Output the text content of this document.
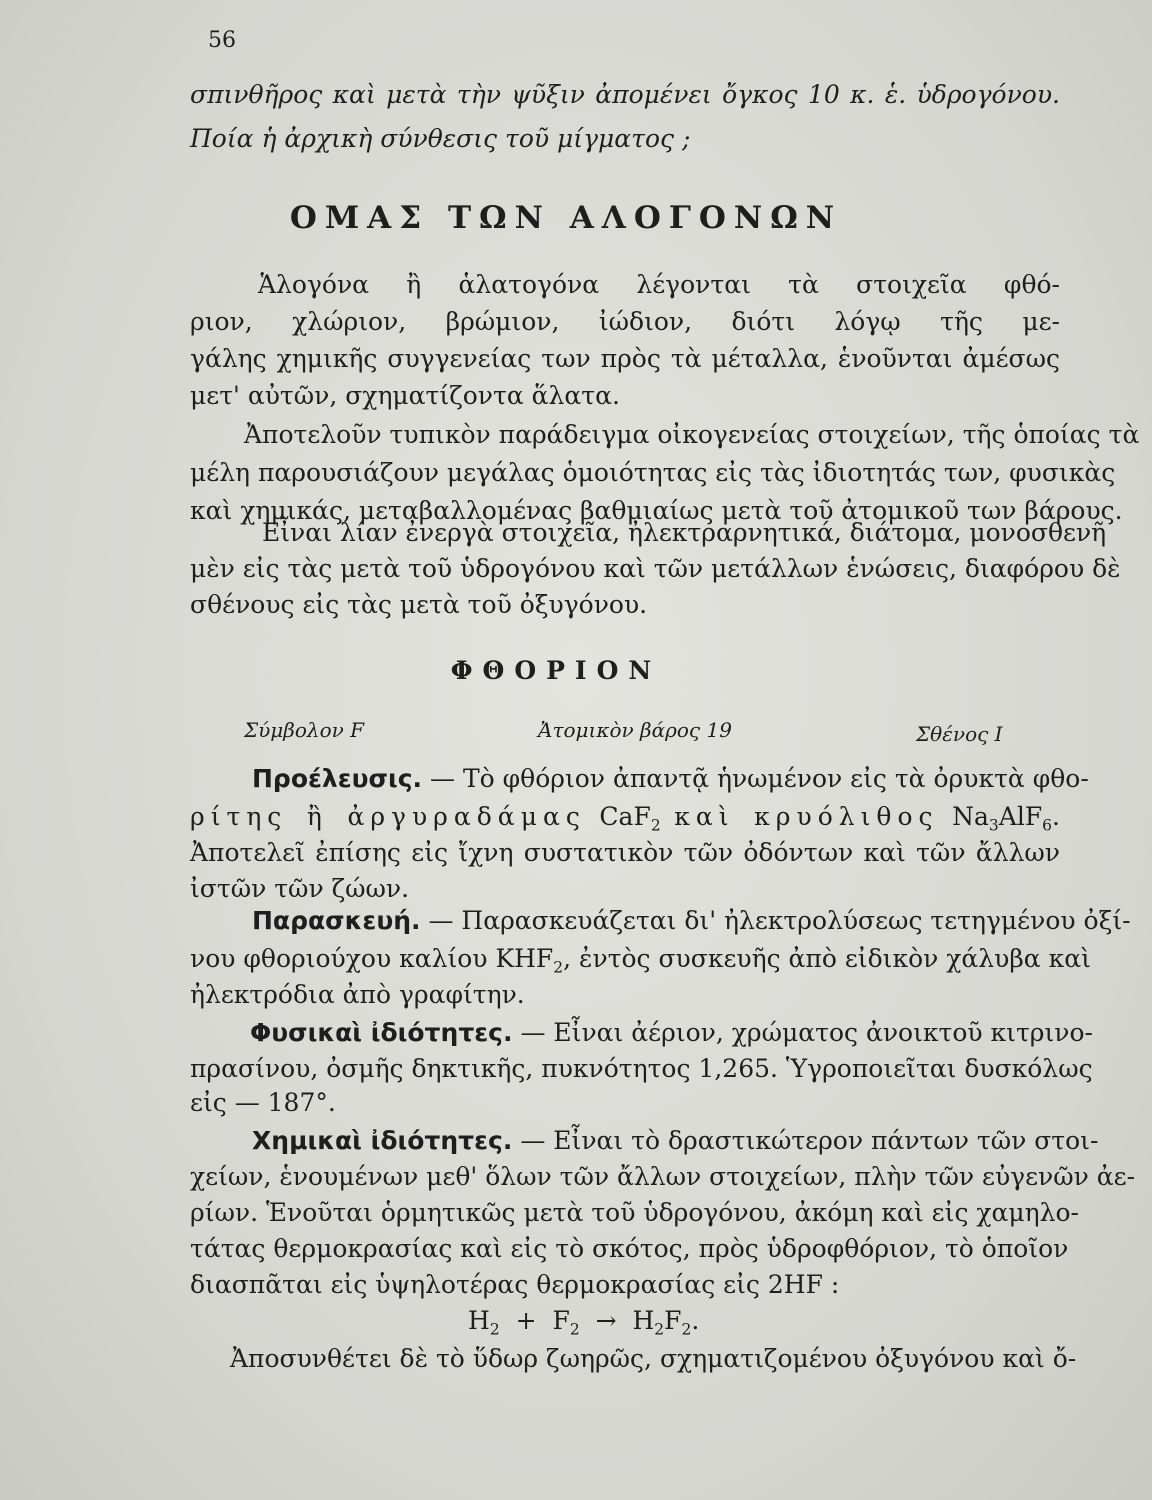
56
σπινθῆρος καὶ μετὰ τὴν ψῦξιν ἀπομένει ὄγκος 10 κ. ἑ. ὑδρογόνου.
Ποία ἡ ἀρχικὴ σύνθεσις τοῦ μίγματος ;
ΟΜΑΣ ΤΩΝ ΑΛΟΓΟΝΩΝ
Ἁλογόνα ἢ ἁλατογόνα λέγονται τὰ στοιχεῖα φθό-
ριον, χλώριον, βρώμιον, ἰώδιον, διότι λόγῳ τῆς με-
γάλης χημικῆς συγγενείας των πρὸς τὰ μέταλλα, ἑνοῦνται ἀμέσως
μετ' αὐτῶν, σχηματίζοντα ἅλατα.
Ἀποτελοῦν τυπικὸν παράδειγμα οἰκογενείας στοιχείων, τῆς ὁποίας τὰ
μέλη παρουσιάζουν μεγάλας ὁμοιότητας εἰς τὰς ἰδιοτητάς των, φυσικὰς
καὶ χημικάς, μεταβαλλομένας βαθμιαίως μετὰ τοῦ ἀτομικοῦ των βάρους.
Εἶναι λίαν ἐνεργὰ στοιχεῖα, ἠλεκτραρνητικά, διάτομα, μονοσθενῆ
μὲν εἰς τὰς μετὰ τοῦ ὑδρογόνου καὶ τῶν μετάλλων ἑνώσεις, διαφόρου δὲ
σθένους εἰς τὰς μετὰ τοῦ ὀξυγόνου.
ΦΘΟΡΙΟΝ
Σύμβολον F	Ἀτομικὸν βάρος 19	Σθένος I
Προέλευσις. — Τὸ φθόριον ἀπαντᾷ ἡνωμένον εἰς τὰ ὀρυκτὰ φθο-
ρίτης ἢ ἀργυραδάμας CaF$_2$ καὶ κρυόλιθος $Na_3AlF_6$.
Ἀποτελεῖ ἐπίσης εἰς ἴχνη συστατικὸν τῶν ὀδόντων καὶ τῶν ἄλλων
ἰστῶν τῶν ζώων.
Παρασκευή. — Παρασκευάζεται δι' ἠλεκτρολύσεως τετηγμένου ὀξί-
νου φθοριούχου καλίου $KHF_2$, ἐντὸς συσκευῆς ἀπὸ εἰδικὸν χάλυβα καὶ
ἠλεκτρόδια ἀπὸ γραφίτην.
Φυσικαὶ ἰδιότητες. — Εἶναι ἀέριον, χρώματος ἀνοικτοῦ κιτρινο-
πρασίνου, ὀσμῆς δηκτικῆς, πυκνότητος 1,265. Ὑγροποιεῖται δυσκόλως
εἰς — 187°.
Χημικαὶ ἰδιότητες. — Εἶναι τὸ δραστικώτερον πάντων τῶν στοι-
χείων, ἑνουμένων μεθ' ὅλων τῶν ἄλλων στοιχείων, πλὴν τῶν εὐγενῶν ἀε-
ρίων. Ἑνοῦται ὁρμητικῶς μετὰ τοῦ ὑδρογόνου, ἀκόμη καὶ εἰς χαμηλο-
τάτας θερμοκρασίας καὶ εἰς τὸ σκότος, πρὸς ὑδροφθόριον, τὸ ὁποῖον
διασπᾶται εἰς ὑψηλοτέρας θερμοκρασίας εἰς 2HF :
$H_2 + F_2 \to H_2F_2$.
Ἀποσυνθέτει δὲ τὸ ὕδωρ ζωηρῶς, σχηματιζομένου ὀξυγόνου καὶ ὄ-
